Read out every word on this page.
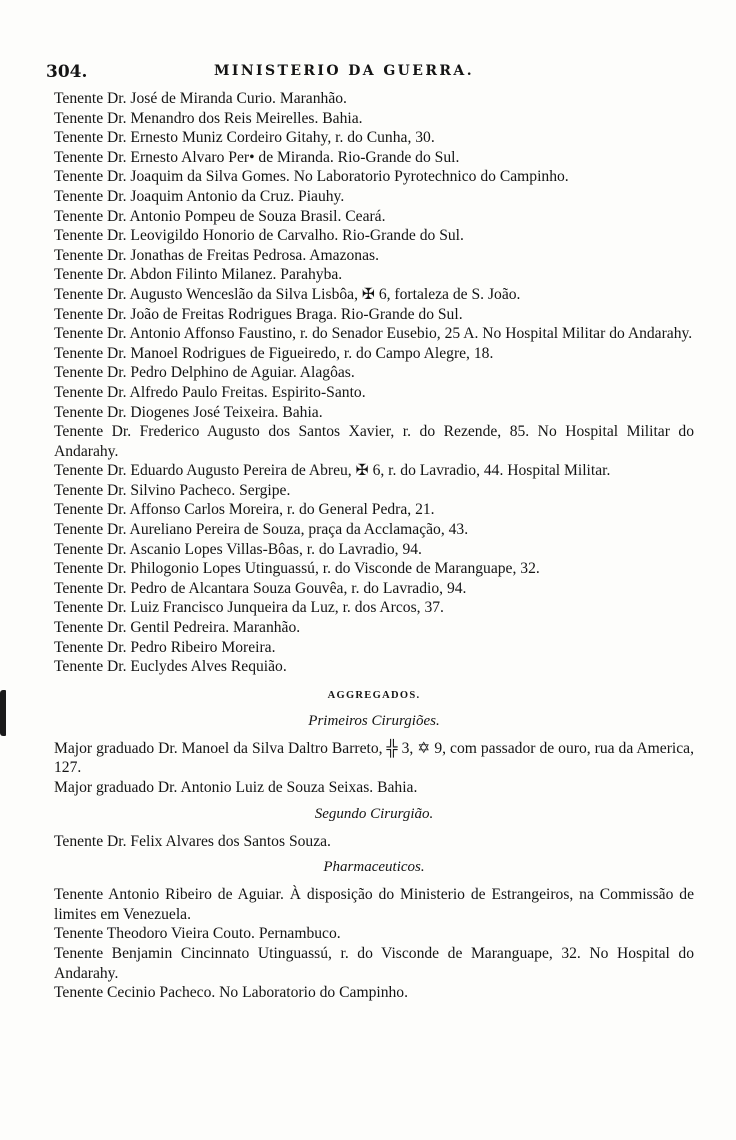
304.	MINISTERIO DA GUERRA.
Tenente Dr. José de Miranda Curio. Maranhão.
Tenente Dr. Menandro dos Reis Meirelles. Bahia.
Tenente Dr. Ernesto Muniz Cordeiro Gitahy, r. do Cunha, 30.
Tenente Dr. Ernesto Alvaro Per• de Miranda. Rio-Grande do Sul.
Tenente Dr. Joaquim da Silva Gomes. No Laboratorio Pyrotechnico do Campinho.
Tenente Dr. Joaquim Antonio da Cruz. Piauhy.
Tenente Dr. Antonio Pompeu de Souza Brasil. Ceará.
Tenente Dr. Leovigildo Honorio de Carvalho. Rio-Grande do Sul.
Tenente Dr. Jonathas de Freitas Pedrosa. Amazonas.
Tenente Dr. Abdon Filinto Milanez. Parahyba.
Tenente Dr. Augusto Wenceslão da Silva Lisbôa, ✠ 6, fortaleza de S. João.
Tenente Dr. João de Freitas Rodrigues Braga. Rio-Grande do Sul.
Tenente Dr. Antonio Affonso Faustino, r. do Senador Eusebio, 25 A. No Hospital Militar do Andarahy.
Tenente Dr. Manoel Rodrigues de Figueiredo, r. do Campo Alegre, 18.
Tenente Dr. Pedro Delphino de Aguiar. Alagôas.
Tenente Dr. Alfredo Paulo Freitas. Espirito-Santo.
Tenente Dr. Diogenes José Teixeira. Bahia.
Tenente Dr. Frederico Augusto dos Santos Xavier, r. do Rezende, 85. No Hospital Militar do Andarahy.
Tenente Dr. Eduardo Augusto Pereira de Abreu, ✠ 6, r. do Lavradio, 44. Hospital Militar.
Tenente Dr. Silvino Pacheco. Sergipe.
Tenente Dr. Affonso Carlos Moreira, r. do General Pedra, 21.
Tenente Dr. Aureliano Pereira de Souza, praça da Acclamação, 43.
Tenente Dr. Ascanio Lopes Villas-Bôas, r. do Lavradio, 94.
Tenente Dr. Philogonio Lopes Utinguassú, r. do Visconde de Maranguape, 32.
Tenente Dr. Pedro de Alcantara Souza Gouvêa, r. do Lavradio, 94.
Tenente Dr. Luiz Francisco Junqueira da Luz, r. dos Arcos, 37.
Tenente Dr. Gentil Pedreira. Maranhão.
Tenente Dr. Pedro Ribeiro Moreira.
Tenente Dr. Euclydes Alves Requião.
AGGREGADOS.
Primeiros Cirurgiões.
Major graduado Dr. Manoel da Silva Daltro Barreto, ╬ 3, ✡ 9, com passador de ouro, rua da America, 127.
Major graduado Dr. Antonio Luiz de Souza Seixas. Bahia.
Segundo Cirurgião.
Tenente Dr. Felix Alvares dos Santos Souza.
Pharmaceuticos.
Tenente Antonio Ribeiro de Aguiar. À disposição do Ministerio de Estrangeiros, na Commissão de limites em Venezuela.
Tenente Theodoro Vieira Couto. Pernambuco.
Tenente Benjamin Cincinnato Utinguassú, r. do Visconde de Maranguape, 32. No Hospital do Andarahy.
Tenente Cecinio Pacheco. No Laboratorio do Campinho.
